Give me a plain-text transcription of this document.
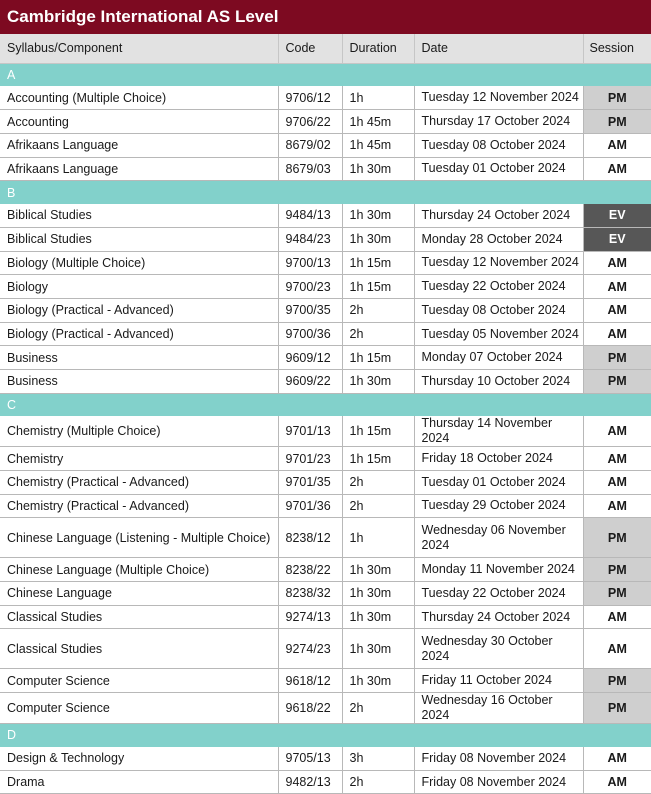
Cambridge International AS Level
Syllabus/Component	Code	Duration	Date	Session
A				
Accounting (Multiple Choice)	9706/12	1h	Tuesday 12 November 2024	PM
Accounting	9706/22	1h 45m	Thursday 17 October 2024	PM
Afrikaans Language	8679/02	1h 45m	Tuesday 08 October 2024	AM
Afrikaans Language	8679/03	1h 30m	Tuesday 01 October 2024	AM
B				
Biblical Studies	9484/13	1h 30m	Thursday 24 October 2024	EV
Biblical Studies	9484/23	1h 30m	Monday 28 October 2024	EV
Biology (Multiple Choice)	9700/13	1h 15m	Tuesday 12 November 2024	AM
Biology	9700/23	1h 15m	Tuesday 22 October 2024	AM
Biology (Practical - Advanced)	9700/35	2h	Tuesday 08 October 2024	AM
Biology (Practical - Advanced)	9700/36	2h	Tuesday 05 November 2024	AM
Business	9609/12	1h 15m	Monday 07 October 2024	PM
Business	9609/22	1h 30m	Thursday 10 October 2024	PM
C				
Chemistry (Multiple Choice)	9701/13	1h 15m	Thursday 14 November 2024	AM
Chemistry	9701/23	1h 15m	Friday 18 October 2024	AM
Chemistry (Practical - Advanced)	9701/35	2h	Tuesday 01 October 2024	AM
Chemistry (Practical - Advanced)	9701/36	2h	Tuesday 29 October 2024	AM
Chinese Language (Listening - Multiple Choice)	8238/12	1h	Wednesday 06 November 2024	PM
Chinese Language (Multiple Choice)	8238/22	1h 30m	Monday 11 November 2024	PM
Chinese Language	8238/32	1h 30m	Tuesday 22 October 2024	PM
Classical Studies	9274/13	1h 30m	Thursday 24 October 2024	AM
Classical Studies	9274/23	1h 30m	Wednesday 30 October 2024	AM
Computer Science	9618/12	1h 30m	Friday 11 October 2024	PM
Computer Science	9618/22	2h	Wednesday 16 October 2024	PM
D				
Design & Technology	9705/13	3h	Friday 08 November 2024	AM
Drama	9482/13	2h	Friday 08 November 2024	AM
